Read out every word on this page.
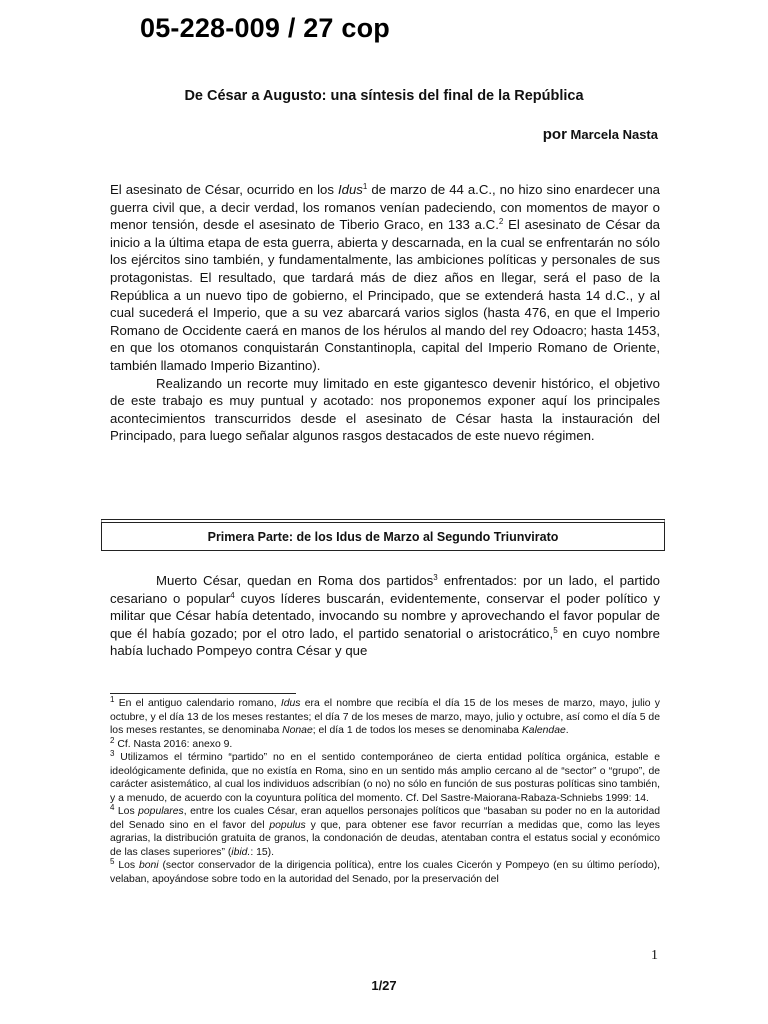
05-228-009 / 27 cop
De César a Augusto: una síntesis del final de la República
por Marcela Nasta

El asesinato de César, ocurrido en los Idus$^1$ de marzo de 44 a.C., no hizo sino enardecer una guerra civil que, a decir verdad, los romanos venían padeciendo, con momentos de mayor o menor tensión, desde el asesinato de Tiberio Graco, en 133 a.C.$^2$ El asesinato de César da inicio a la última etapa de esta guerra, abierta y descarnada, en la cual se enfrentarán no sólo los ejércitos sino también, y fundamentalmente, las ambiciones políticas y personales de sus protagonistas. El resultado, que tardará más de diez años en llegar, será el paso de la República a un nuevo tipo de gobierno, el Principado, que se extenderá hasta 14 d.C., y al cual sucederá el Imperio, que a su vez abarcará varios siglos (hasta 476, en que el Imperio Romano de Occidente caerá en manos de los hérulos al mando del rey Odoacro; hasta 1453, en que los otomanos conquistarán Constantinopla, capital del Imperio Romano de Oriente, también llamado Imperio Bizantino).

Realizando un recorte muy limitado en este gigantesco devenir histórico, el objetivo de este trabajo es muy puntual y acotado: nos proponemos exponer aquí los principales acontecimientos transcurridos desde el asesinato de César hasta la instauración del Principado, para luego señalar algunos rasgos destacados de este nuevo régimen.

Primera Parte: de los Idus de Marzo al Segundo Triunvirato

Muerto César, quedan en Roma dos partidos$^3$ enfrentados: por un lado, el partido cesariano o popular$^4$ cuyos líderes buscarán, evidentemente, conservar el poder político y militar que César había detentado, invocando su nombre y aprovechando el favor popular de que él había gozado; por el otro lado, el partido senatorial o aristocrático,$^5$ en cuyo nombre había luchado Pompeyo contra César y que

$^1$ En el antiguo calendario romano, Idus era el nombre que recibía el día 15 de los meses de marzo, mayo, julio y octubre, y el día 13 de los meses restantes; el día 7 de los meses de marzo, mayo, julio y octubre, así como el día 5 de los meses restantes, se denominaba Nonae; el día 1 de todos los meses se denominaba Kalendae.

$^2$ Cf. Nasta 2016: anexo 9.

$^3$ Utilizamos el término “partido” no en el sentido contemporáneo de cierta entidad política orgánica, estable e ideológicamente definida, que no existía en Roma, sino en un sentido más amplio cercano al de “sector” o “grupo”, de carácter asistemático, al cual los individuos adscribían (o no) no sólo en función de sus posturas políticas sino también, y a menudo, de acuerdo con la coyuntura política del momento. Cf. Del Sastre-Maiorana-Rabaza-Schniebs 1999: 14.

$^4$ Los populares, entre los cuales César, eran aquellos personajes políticos que “basaban su poder no en la autoridad del Senado sino en el favor del populus y que, para obtener ese favor recurrían a medidas que, como las leyes agrarias, la distribución gratuita de granos, la condonación de deudas, atentaban contra el estatus social y económico de las clases superiores” (ibid.: 15).

$^5$ Los boni (sector conservador de la dirigencia política), entre los cuales Cicerón y Pompeyo (en su último período), velaban, apoyándose sobre todo en la autoridad del Senado, por la preservación del

1
1/27
